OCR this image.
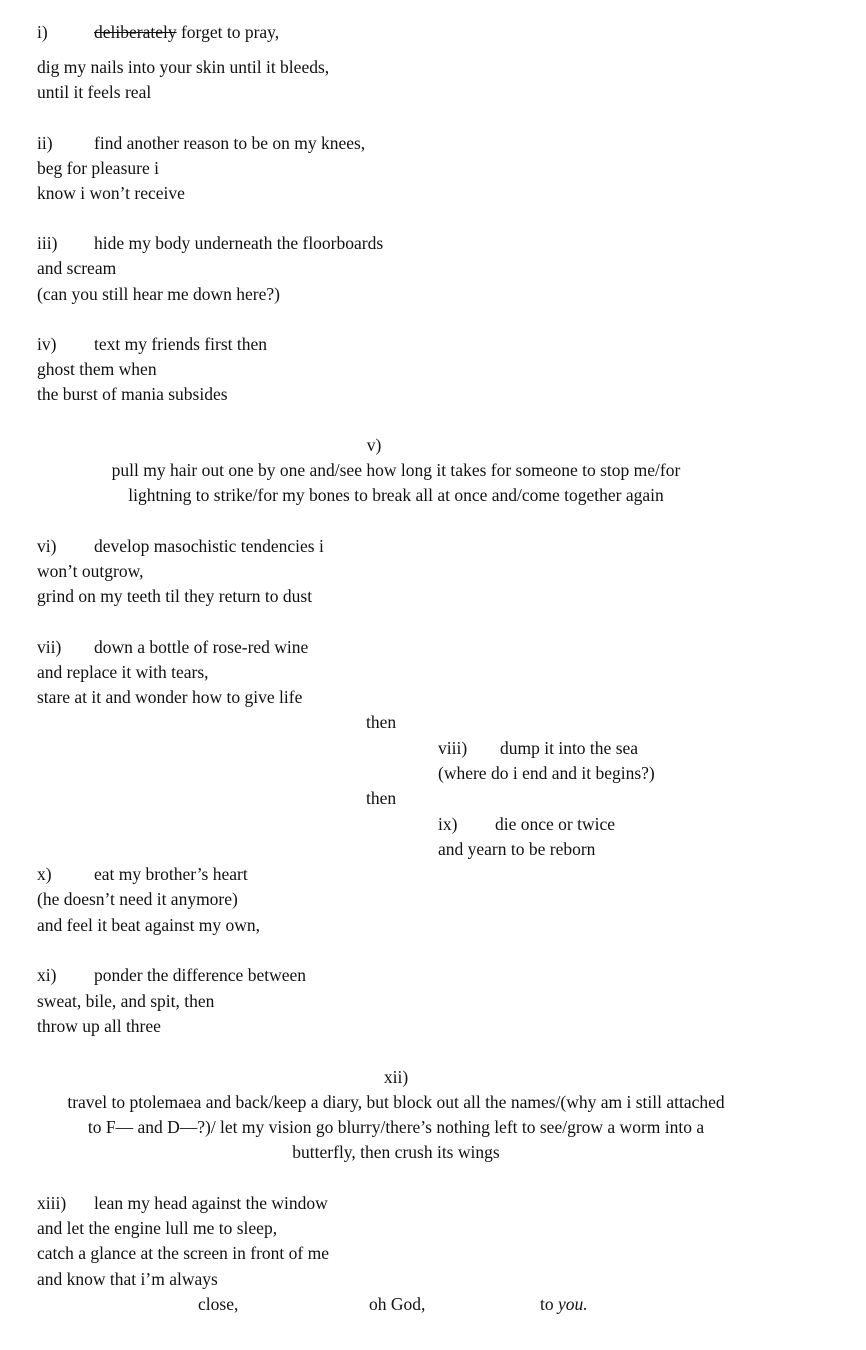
i)	deliberately forget to pray,
dig my nails into your skin until it bleeds,
until it feels real
ii) find another reason to be on my knees,
beg for pleasure i
know i won’t receive
iii) hide my body underneath the floorboards
and scream
(can you still hear me down here?)
iv) text my friends first then
ghost them when
the burst of mania subsides
v)
pull my hair out one by one and/see how long it takes for someone to stop me/for
lightning to strike/for my bones to break all at once and/come together again
vi) develop masochistic tendencies i
won’t outgrow,
grind on my teeth til they return to dust
vii) down a bottle of rose-red wine
and replace it with tears,
stare at it and wonder how to give life
then
viii) dump it into the sea
(where do i end and it begins?)
then
ix) die once or twice
and yearn to be reborn
x) eat my brother’s heart
(he doesn’t need it anymore)
and feel it beat against my own,
xi) ponder the difference between
sweat, bile, and spit, then
throw up all three
xii)
travel to ptolemaea and back/keep a diary, but block out all the names/(why am i still attached
to F— and D—?)/ let my vision go blurry/there’s nothing left to see/grow a worm into a
butterfly, then crush its wings
xiii) lean my head against the window
and let the engine lull me to sleep,
catch a glance at the screen in front of me
and know that i’m always
close,	oh God,	to you.
